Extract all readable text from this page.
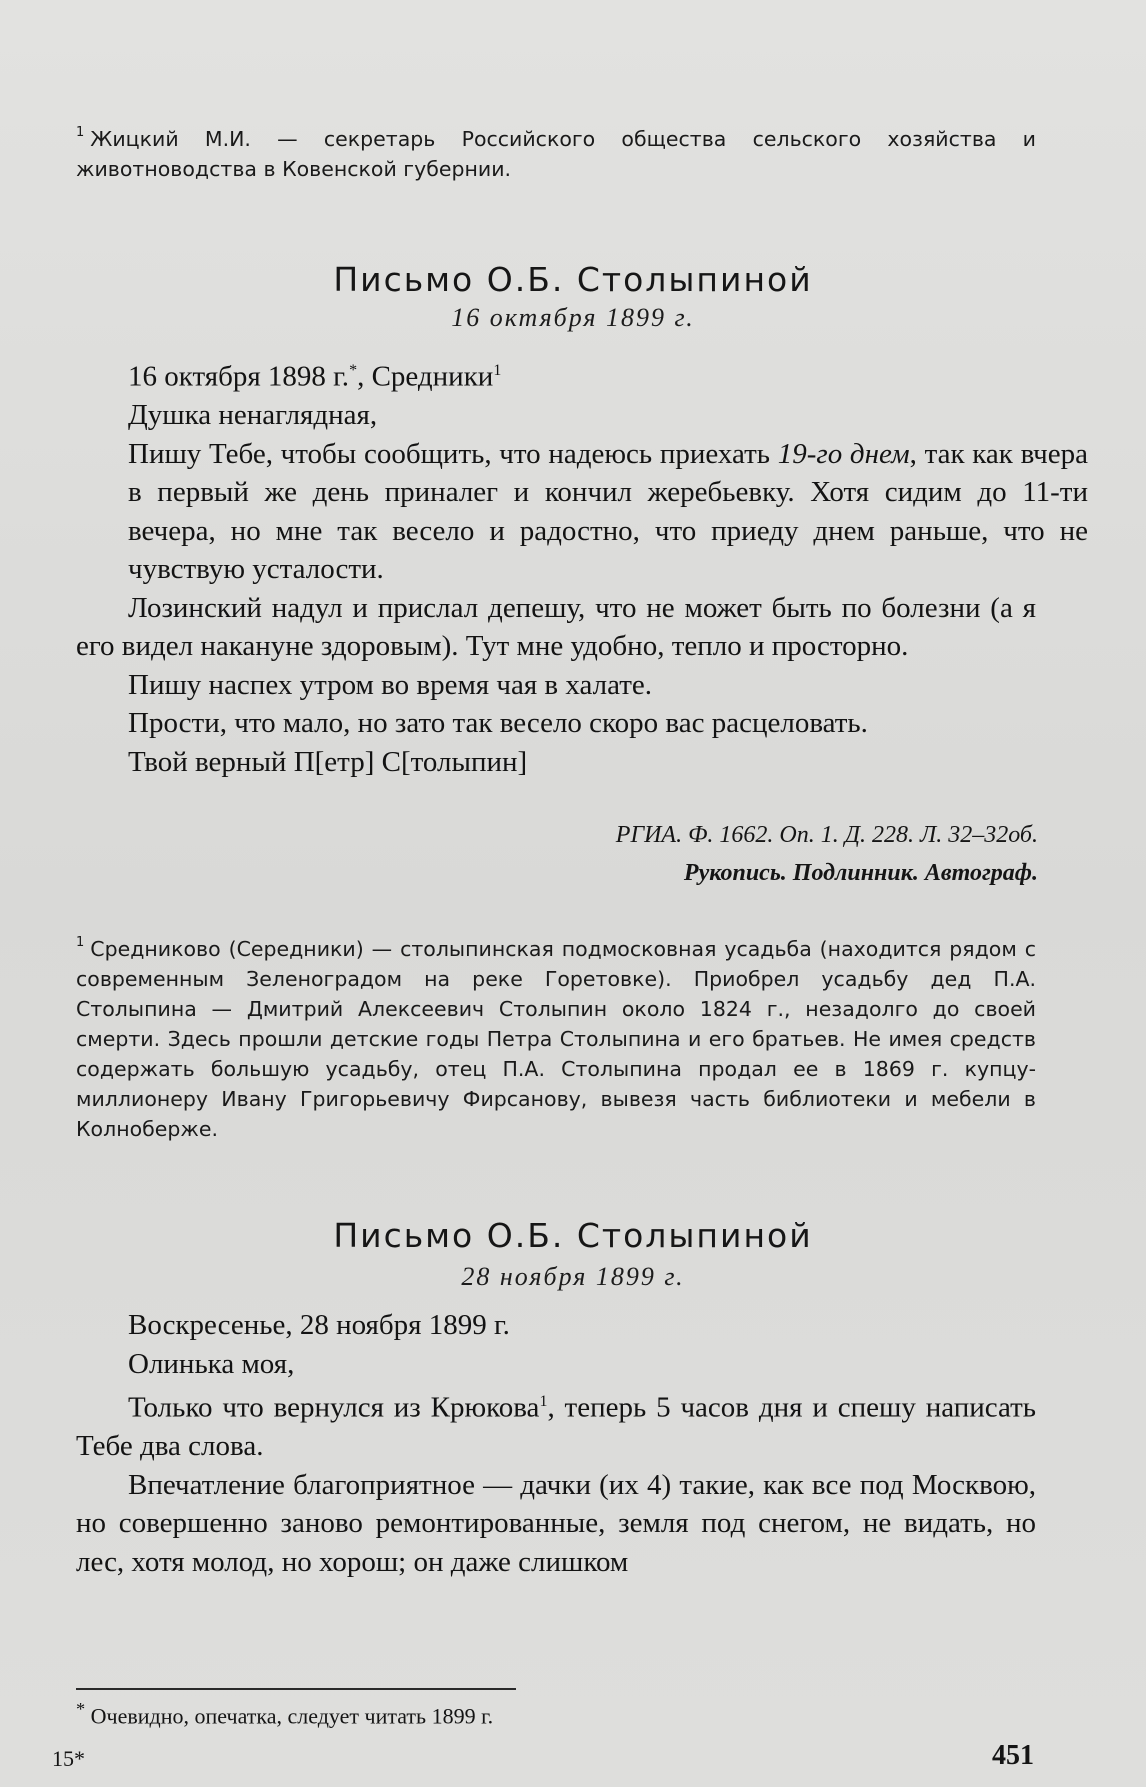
$^1$ Жицкий М.И. — секретарь Российского общества сельского хозяйства и животноводства в Ковенской губернии.
Письмо О.Б. Столыпиной
16 октября 1899 г.

16 октября 1898 г.*, Средники$^1$

Душка ненаглядная,

Пишу Тебе, чтобы сообщить, что надеюсь приехать 19-го днем, так как вчера в первый же день приналег и кончил жеребьевку. Хотя сидим до 11-ти вечера, но мне так весело и радостно, что приеду днем раньше, что не чувствую усталости.

Лозинский надул и прислал депешу, что не может быть по болезни (а я его видел накануне здоровым). Тут мне удобно, тепло и просторно.

Пишу наспех утром во время чая в халате.

Прости, что мало, но зато так весело скоро вас расцеловать.

Твой верный П[етр] С[толыпин]

РГИА. Ф. 1662. Оп. 1. Д. 228. Л. 32–32об.
Рукопись. Подлинник. Автограф.
$^1$ Средниково (Середники) — столыпинская подмосковная усадьба (находится рядом с современным Зеленоградом на реке Горетовке). Приобрел усадьбу дед П.А. Столыпина — Дмитрий Алексеевич Столыпин около 1824 г., незадолго до своей смерти. Здесь прошли детские годы Петра Столыпина и его братьев. Не имея средств содержать большую усадьбу, отец П.А. Столыпина продал ее в 1869 г. купцу-миллионеру Ивану Григорьевичу Фирсанову, вывезя часть библиотеки и мебели в Колноберже.
Письмо О.Б. Столыпиной
28 ноября 1899 г.

Воскресенье, 28 ноября 1899 г.

Олинька моя,

Только что вернулся из Крюкова$^1$, теперь 5 часов дня и спешу написать Тебе два слова.

Впечатление благоприятное — дачки (их 4) такие, как все под Москвою, но совершенно заново ремонтированные, земля под снегом, не видать, но лес, хотя молод, но хорош; он даже слишком

* Очевидно, опечатка, следует читать 1899 г.
15*	451
